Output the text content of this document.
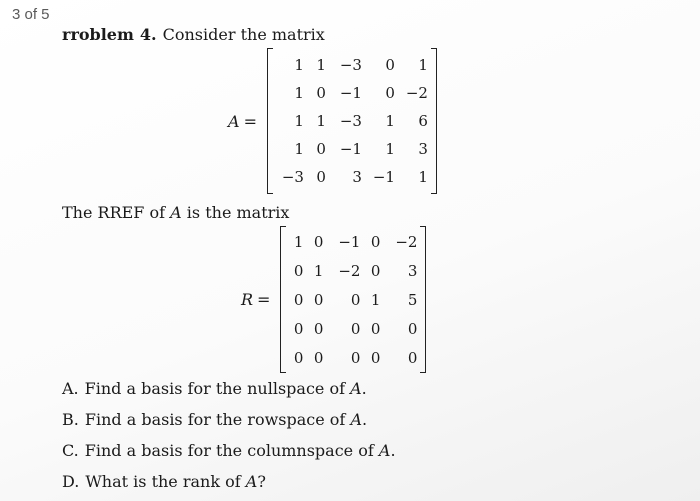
3 of 5
rroblem 4. Consider the matrix
A =
1	1	−3	0	1
1	0	−1	0	−2
1	1	−3	1	6
1	0	−1	1	3
−3	0	3	−1	1
The RREF of A is the matrix
R =
1	0	−1	0	−2
0	1	−2	0	3
0	0	0	1	5
0	0	0	0	0
0	0	0	0	0
A. Find a basis for the nullspace of A.
B. Find a basis for the rowspace of A.
C. Find a basis for the columnspace of A.
D. What is the rank of A?
